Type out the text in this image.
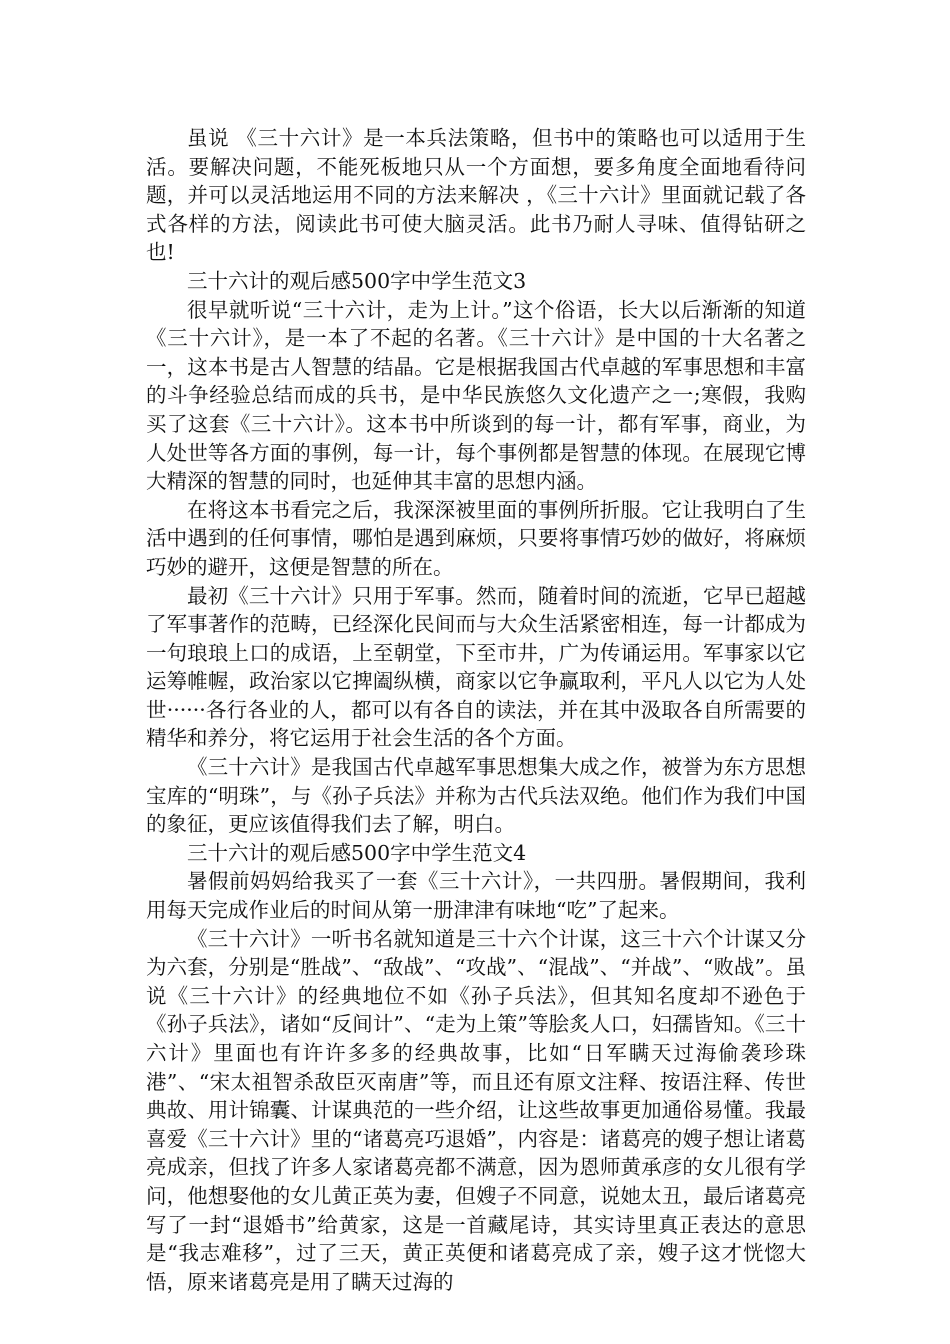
虽说 《三十六计》是一本兵法策略，但书中的策略也可以适用于生活。要解决问题，不能死板地只从一个方面想，要多角度全面地看待问题，并可以灵活地运用不同的方法来解决 ，《三十六计》里面就记载了各式各样的方法，阅读此书可使大脑灵活。此书乃耐人寻味、值得钻研之也!

三十六计的观后感500字中学生范文3

很早就听说“三十六计，走为上计。”这个俗语，长大以后渐渐的知道《三十六计》，是一本了不起的名著。《三十六计》是中国的十大名著之一，这本书是古人智慧的结晶。它是根据我国古代卓越的军事思想和丰富的斗争经验总结而成的兵书，是中华民族悠久文化遗产之一;寒假，我购买了这套《三十六计》。这本书中所谈到的每一计，都有军事，商业，为人处世等各方面的事例，每一计，每个事例都是智慧的体现。在展现它博大精深的智慧的同时，也延伸其丰富的思想内涵。

在将这本书看完之后，我深深被里面的事例所折服。它让我明白了生活中遇到的任何事情，哪怕是遇到麻烦，只要将事情巧妙的做好，将麻烦巧妙的避开，这便是智慧的所在。

最初《三十六计》只用于军事。然而，随着时间的流逝，它早已超越了军事著作的范畴，已经深化民间而与大众生活紧密相连，每一计都成为一句琅琅上口的成语，上至朝堂，下至市井，广为传诵运用。军事家以它运筹帷幄，政治家以它捭阖纵横，商家以它争赢取利，平凡人以它为人处世······各行各业的人，都可以有各自的读法，并在其中汲取各自所需要的精华和养分，将它运用于社会生活的各个方面。

《三十六计》是我国古代卓越军事思想集大成之作，被誉为东方思想宝库的“明珠”，与《孙子兵法》并称为古代兵法双绝。他们作为我们中国的象征，更应该值得我们去了解，明白。

三十六计的观后感500字中学生范文4

暑假前妈妈给我买了一套《三十六计》，一共四册。暑假期间，我利用每天完成作业后的时间从第一册津津有味地“吃”了起来。

《三十六计》一听书名就知道是三十六个计谋，这三十六个计谋又分为六套，分别是“胜战”、“敌战”、“攻战”、“混战”、“并战”、“败战”。虽说《三十六计》的经典地位不如《孙子兵法》，但其知名度却不逊色于《孙子兵法》，诸如“反间计”、“走为上策”等脍炙人口，妇孺皆知。《三十六计》里面也有许许多多的经典故事，比如“日军瞒天过海偷袭珍珠港”、“宋太祖智杀敌臣灭南唐”等，而且还有原文注释、按语注释、传世典故、用计锦囊、计谋典范的一些介绍，让这些故事更加通俗易懂。我最喜爱《三十六计》里的“诸葛亮巧退婚”，内容是：诸葛亮的嫂子想让诸葛亮成亲，但找了许多人家诸葛亮都不满意，因为恩师黄承彦的女儿很有学问，他想娶他的女儿黄正英为妻，但嫂子不同意，说她太丑，最后诸葛亮写了一封“退婚书”给黄家，这是一首藏尾诗，其实诗里真正表达的意思是“我志难移”，过了三天，黄正英便和诸葛亮成了亲，嫂子这才恍惚大悟，原来诸葛亮是用了瞒天过海的
